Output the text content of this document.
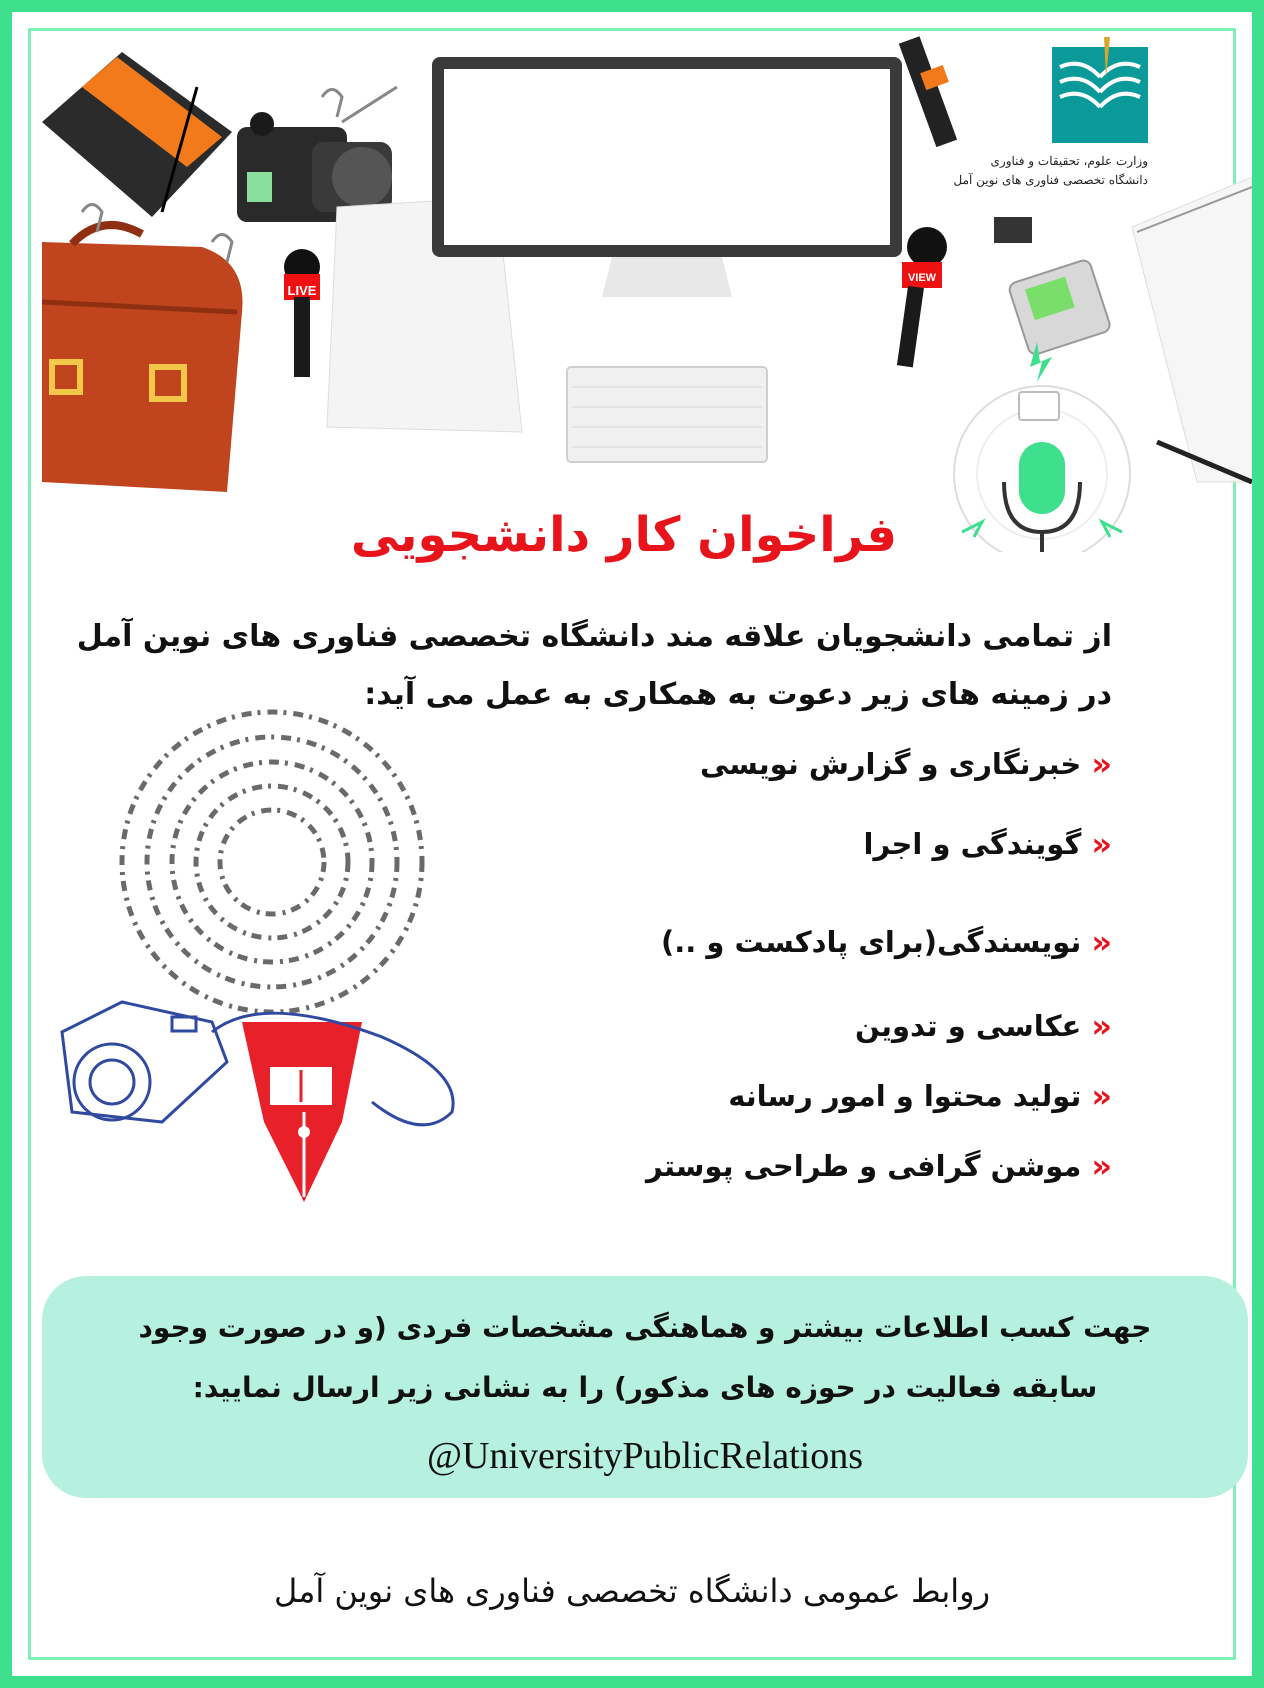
LIVE
VIEW
وزارت علوم، تحقیقات و فناوری
دانشگاه تخصصی فناوری های نوین آمل
فراخوان کار دانشجویی
از تمامی دانشجویان علاقه مند دانشگاه تخصصی فناوری های نوین آمل
در زمینه های زیر دعوت به همکاری به عمل می آید:
«
خبرنگاری و گزارش نویسی
«
گویندگی و اجرا
«
نویسندگی(برای پادکست و ..)
«
عکاسی و تدوین
«
تولید محتوا و امور رسانه
«
موشن گرافی و طراحی پوستر
جهت کسب اطلاعات بیشتر و هماهنگی مشخصات فردی (و در صورت وجود
سابقه فعالیت در حوزه های مذکور) را به نشانی زیر ارسال نمایید:
@UniversityPublicRelations
روابط عمومی دانشگاه تخصصی فناوری های نوین آمل
